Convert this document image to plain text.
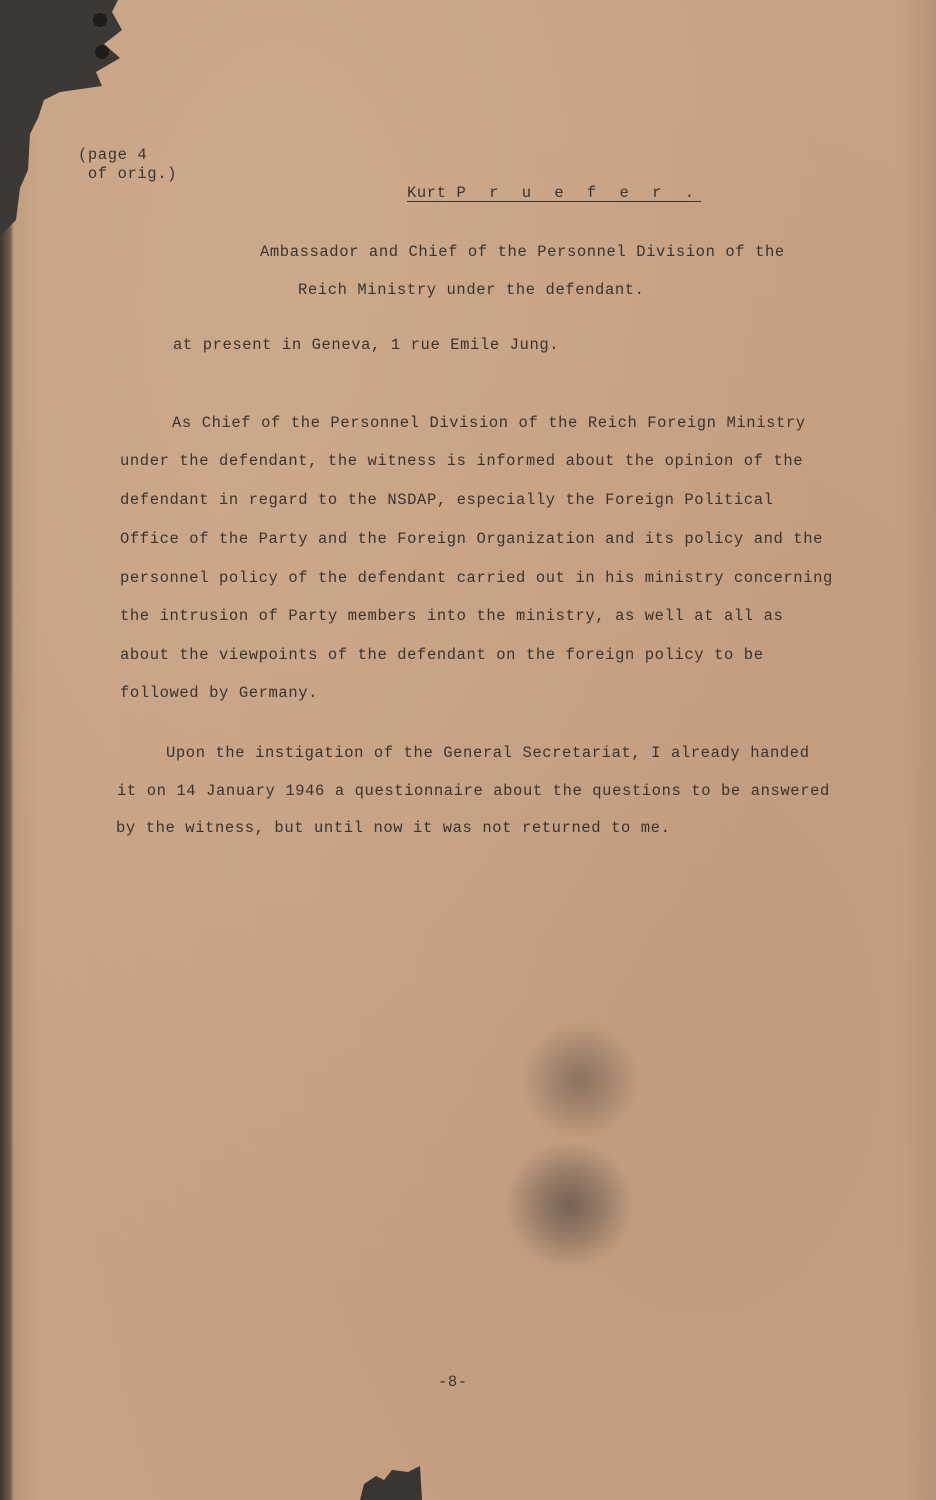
(page 4
of orig.)

Kurt P r u e f e r .

Ambassador and Chief of the Personnel Division of the

Reich Ministry under the defendant.

at present in Geneva, 1 rue Emile Jung.

As Chief of the Personnel Division of the Reich Foreign Ministry

under the defendant, the witness is informed about the opinion of the

defendant in regard to the NSDAP, especially the Foreign Political

Office of the Party and the Foreign Organization and its policy and the

personnel policy of the defendant carried out in his ministry concerning

the intrusion of Party members into the ministry, as well at all as

about the viewpoints of the defendant on the foreign policy to be

followed by Germany.

Upon the instigation of the General Secretariat, I already handed

it on 14 January 1946 a questionnaire about the questions to be answered

by the witness, but until now it was not returned to me.

-8-
